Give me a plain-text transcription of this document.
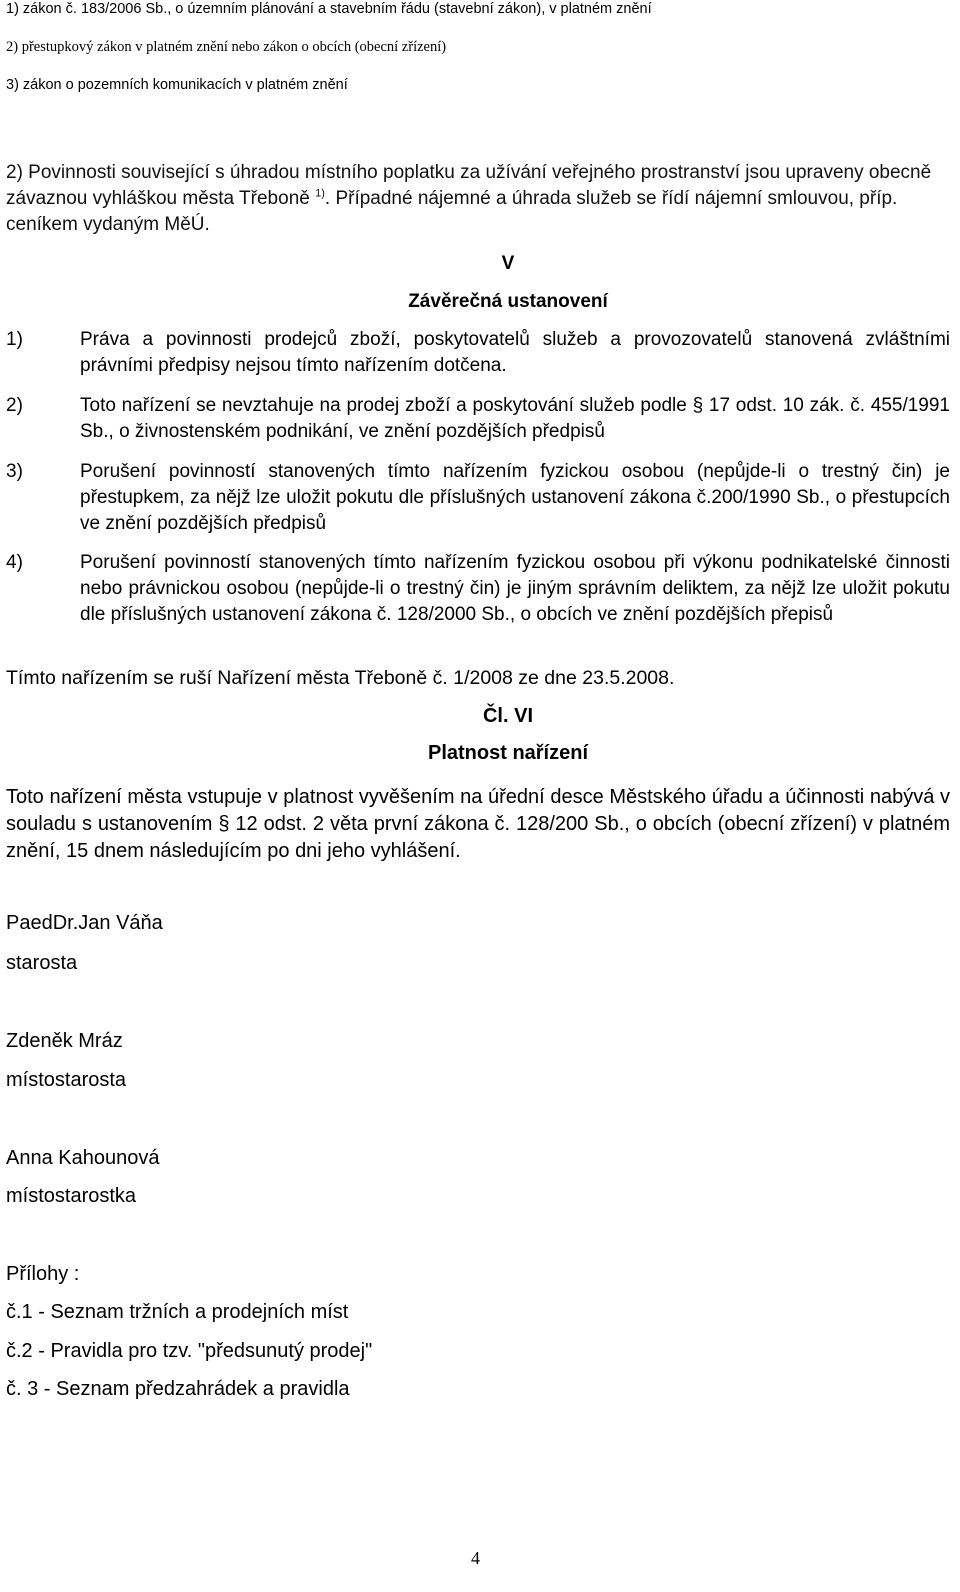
1) zákon č. 183/2006 Sb., o územním plánování a stavebním řádu (stavební zákon), v platném znění
2) přestupkový zákon v platném znění nebo zákon o obcích (obecní zřízení)
3) zákon o pozemních komunikacích v platném znění
2) Povinnosti související s úhradou místního poplatku za užívání veřejného prostranství jsou upraveny obecně závaznou vyhláškou města Třeboně $^{1)}$. Případné nájemné a úhrada služeb se řídí nájemní smlouvou, příp. ceníkem vydaným MěÚ.
V
Závěrečná ustanovení
1)	Práva a povinnosti prodejců zboží, poskytovatelů služeb a provozovatelů stanovená zvláštními právními předpisy nejsou tímto nařízením dotčena.
2)	Toto nařízení se nevztahuje na prodej zboží a poskytování služeb podle § 17 odst. 10 zák. č. 455/1991 Sb., o živnostenském podnikání, ve znění pozdějších předpisů
3)	Porušení povinností stanovených tímto nařízením fyzickou osobou (nepůjde-li o trestný čin) je přestupkem, za nějž lze uložit pokutu dle příslušných ustanovení zákona č.200/1990 Sb., o přestupcích ve znění pozdějších předpisů
4)	Porušení povinností stanovených tímto nařízením fyzickou osobou při výkonu podnikatelské činnosti nebo právnickou osobou (nepůjde-li o trestný čin) je jiným správním deliktem, za nějž lze uložit pokutu dle příslušných ustanovení zákona č. 128/2000 Sb., o obcích ve znění pozdějších přepisů
Tímto nařízením se ruší Nařízení města Třeboně č. 1/2008 ze dne 23.5.2008.
Čl. VI
Platnost nařízení
Toto nařízení města vstupuje v platnost vyvěšením na úřední desce Městského úřadu a účinnosti nabývá v souladu s ustanovením § 12 odst. 2 věta první zákona č. 128/200 Sb., o obcích (obecní zřízení) v platném znění, 15 dnem následujícím po dni jeho vyhlášení.
PaedDr.Jan Váňa
starosta
Zdeněk Mráz
místostarosta
Anna Kahounová
místostarostka
Přílohy :
č.1 - Seznam tržních a prodejních míst
č.2 - Pravidla pro tzv. "předsunutý prodej"
č. 3 - Seznam předzahrádek a pravidla
4
